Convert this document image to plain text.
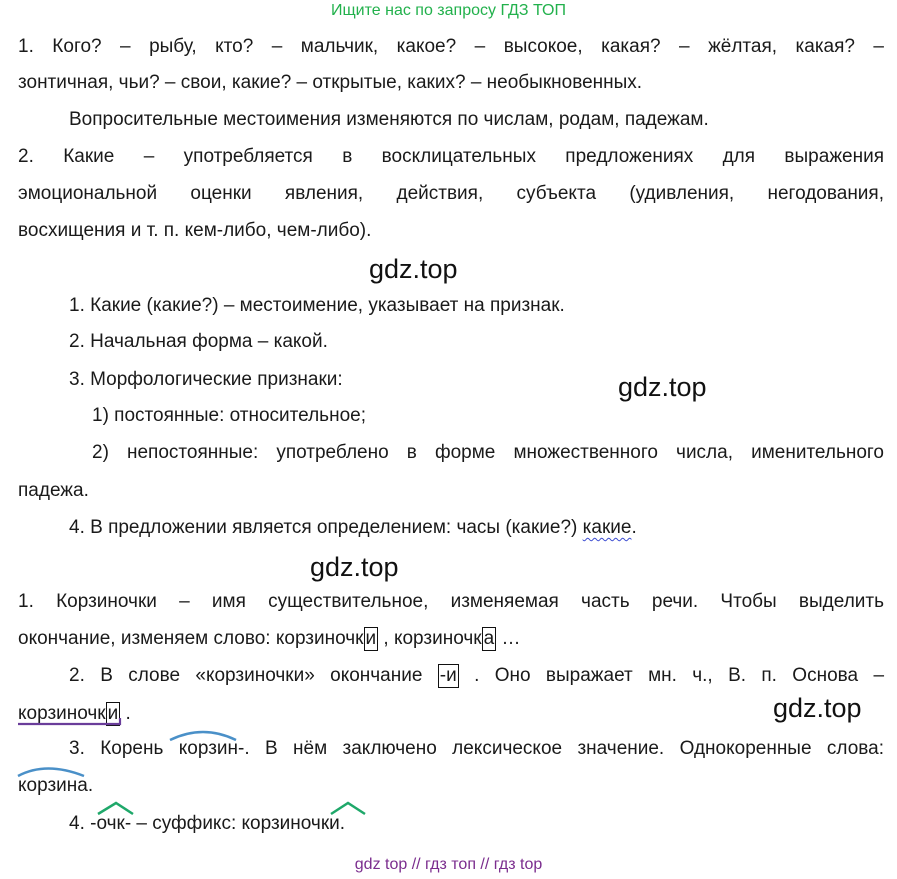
Ищите нас по запросу ГДЗ ТОП
1. Кого? – рыбу, кто? – мальчик, какое? – высокое, какая? – жёлтая, какая? –
зонтичная, чьи? – свои, какие? – открытые, каких? – необыкновенных.
Вопросительные местоимения изменяются по числам, родам, падежам.
2. Какие – употребляется в восклицательных предложениях для выражения
эмоциональной оценки явления, действия, субъекта (удивления, негодования,
восхищения и т. п. кем-либо, чем-либо).
gdz.top
1. Какие (какие?) – местоимение, указывает на признак.
2. Начальная форма – какой.
3. Морфологические признаки:	gdz.top
1) постоянные: относительное;
2) непостоянные: употреблено в форме множественного числа, именительного
падежа.
4. В предложении является определением: часы (какие?) какие.
gdz.top
1. Корзиночки – имя существительное, изменяемая часть речи. Чтобы выделить
окончание, изменяем слово: корзиночк и , корзиночк а …
2. В слове «корзиночки» окончание -и . Оно выражает мн. ч., В. п. Основа –
корзиночк и .	gdz.top
3. Корень корзин-. В нём заключено лексическое значение. Однокоренные слова:
корзина.
4. -очк- – суффикс: корзиночки.
gdz top // гдз топ // гдз top
